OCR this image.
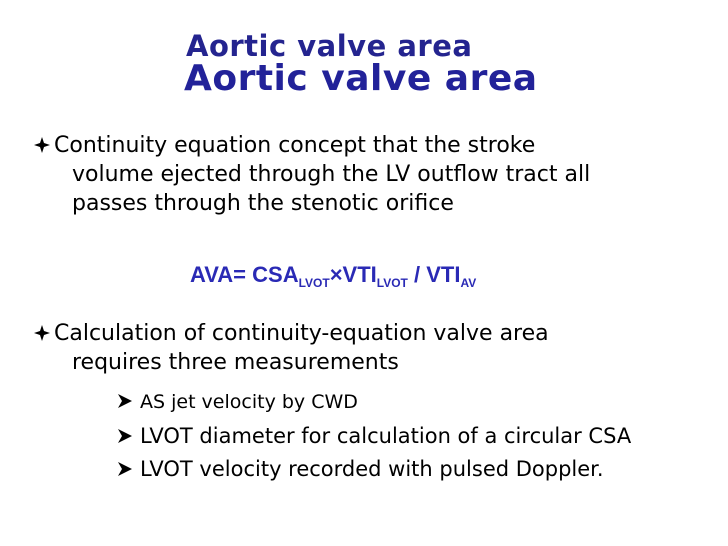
Aortic valve area
Aortic valve area
Continuity equation concept that the stroke
volume ejected through the LV outflow tract all
passes through the stenotic orifice
$AVA= CSA_{LVOT}\times VTI_{LVOT} / VTI_{AV}$
Calculation of continuity-equation valve area
requires three measurements
AS jet velocity by CWD
LVOT diameter for calculation of a circular CSA
LVOT velocity recorded with pulsed Doppler.
